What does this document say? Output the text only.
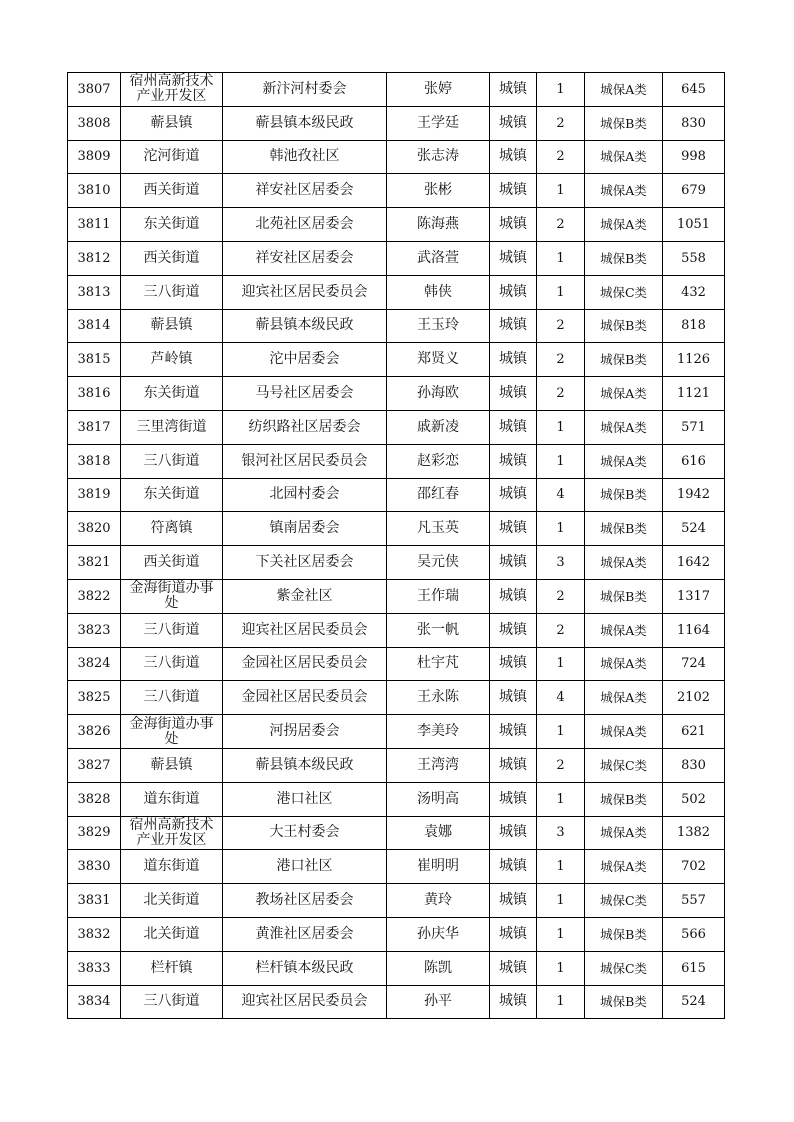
3807	宿州高新技术产业开发区	新汴河村委会	张婷	城镇	1	城保A类	645
3808	蕲县镇	蕲县镇本级民政	王学廷	城镇	2	城保B类	830
3809	沱河街道	韩池孜社区	张志涛	城镇	2	城保A类	998
3810	西关街道	祥安社区居委会	张彬	城镇	1	城保A类	679
3811	东关街道	北苑社区居委会	陈海燕	城镇	2	城保A类	1051
3812	西关街道	祥安社区居委会	武洛萱	城镇	1	城保B类	558
3813	三八街道	迎宾社区居民委员会	韩侠	城镇	1	城保C类	432
3814	蕲县镇	蕲县镇本级民政	王玉玲	城镇	2	城保B类	818
3815	芦岭镇	沱中居委会	郑贤义	城镇	2	城保B类	1126
3816	东关街道	马号社区居委会	孙海欧	城镇	2	城保A类	1121
3817	三里湾街道	纺织路社区居委会	戚新凌	城镇	1	城保A类	571
3818	三八街道	银河社区居民委员会	赵彩恋	城镇	1	城保A类	616
3819	东关街道	北园村委会	邵红春	城镇	4	城保B类	1942
3820	符离镇	镇南居委会	凡玉英	城镇	1	城保B类	524
3821	西关街道	下关社区居委会	吴元侠	城镇	3	城保A类	1642
3822	金海街道办事处	紫金社区	王作瑞	城镇	2	城保B类	1317
3823	三八街道	迎宾社区居民委员会	张一帆	城镇	2	城保A类	1164
3824	三八街道	金园社区居民委员会	杜宇芃	城镇	1	城保A类	724
3825	三八街道	金园社区居民委员会	王永陈	城镇	4	城保A类	2102
3826	金海街道办事处	河拐居委会	李美玲	城镇	1	城保A类	621
3827	蕲县镇	蕲县镇本级民政	王湾湾	城镇	2	城保C类	830
3828	道东街道	港口社区	汤明高	城镇	1	城保B类	502
3829	宿州高新技术产业开发区	大王村委会	袁娜	城镇	3	城保A类	1382
3830	道东街道	港口社区	崔明明	城镇	1	城保A类	702
3831	北关街道	教场社区居委会	黄玲	城镇	1	城保C类	557
3832	北关街道	黄淮社区居委会	孙庆华	城镇	1	城保B类	566
3833	栏杆镇	栏杆镇本级民政	陈凯	城镇	1	城保C类	615
3834	三八街道	迎宾社区居民委员会	孙平	城镇	1	城保B类	524
